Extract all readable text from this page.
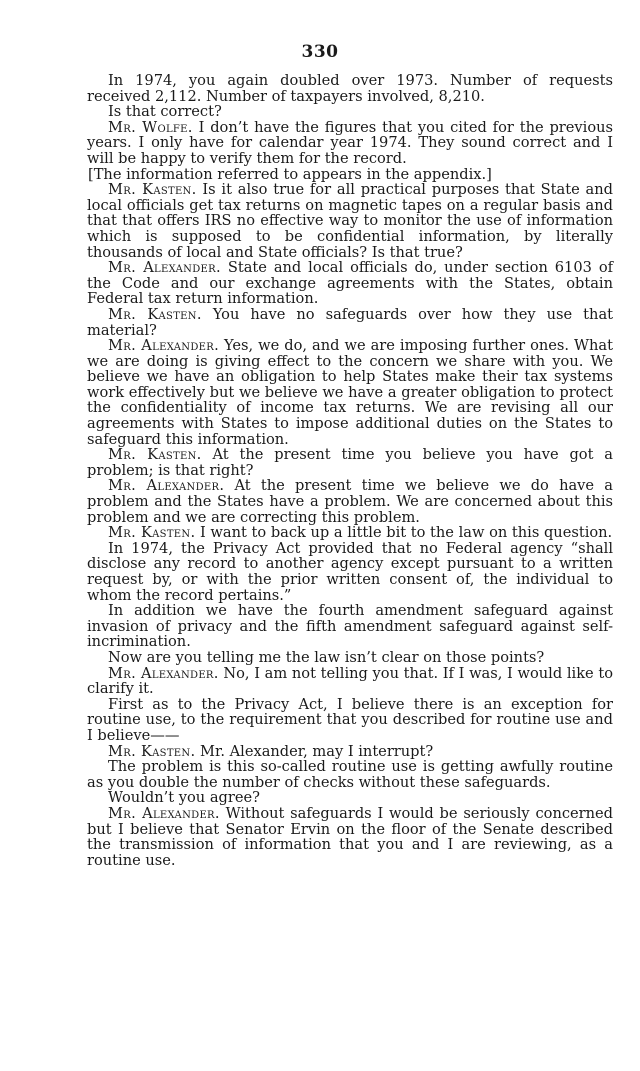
330

In 1974, you again doubled over 1973. Number of requests received 2,112. Number of taxpayers involved, 8,210.

Is that correct?

Mr. Wolfe. I don’t have the figures that you cited for the previous years. I only have for calendar year 1974. They sound correct and I will be happy to verify them for the record.

[The information referred to appears in the appendix.]

Mr. Kasten. Is it also true for all practical purposes that State and local officials get tax returns on magnetic tapes on a regular basis and that that offers IRS no effective way to monitor the use of information which is supposed to be confidential information, by literally thousands of local and State officials? Is that true?

Mr. Alexander. State and local officials do, under section 6103 of the Code and our exchange agreements with the States, obtain Federal tax return information.

Mr. Kasten. You have no safeguards over how they use that material?

Mr. Alexander. Yes, we do, and we are imposing further ones. What we are doing is giving effect to the concern we share with you. We believe we have an obligation to help States make their tax systems work effectively but we believe we have a greater obligation to protect the confidentiality of income tax returns. We are revising all our agreements with States to impose additional duties on the States to safeguard this information.

Mr. Kasten. At the present time you believe you have got a problem; is that right?

Mr. Alexander. At the present time we believe we do have a problem and the States have a problem. We are concerned about this problem and we are correcting this problem.

Mr. Kasten. I want to back up a little bit to the law on this question.

In 1974, the Privacy Act provided that no Federal agency “shall disclose any record to another agency except pursuant to a written request by, or with the prior written consent of, the individual to whom the record pertains.”

In addition we have the fourth amendment safeguard against invasion of privacy and the fifth amendment safeguard against self-incrimination.

Now are you telling me the law isn’t clear on those points?

Mr. Alexander. No, I am not telling you that. If I was, I would like to clarify it.

First as to the Privacy Act, I believe there is an exception for routine use, to the requirement that you described for routine use and I believe——

Mr. Kasten. Mr. Alexander, may I interrupt?

The problem is this so-called routine use is getting awfully routine as you double the number of checks without these safeguards.

Wouldn’t you agree?

Mr. Alexander. Without safeguards I would be seriously concerned but I believe that Senator Ervin on the floor of the Senate described the transmission of information that you and I are reviewing, as a routine use.
